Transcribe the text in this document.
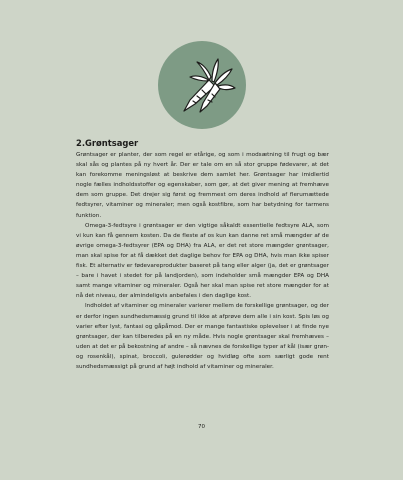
2.Grøntsager

Grøntsager er planter, der som regel er etårige, og som i modsætning til frugt og bær skal sås og plantes på ny hvert år. Der er tale om en så stor gruppe fødevarer, at det kan forekomme meningsløst at beskrive dem samlet her. Grøntsager har imidlertid nogle fælles indholdsstoffer og egenskaber, som gør, at det giver mening at fremhæve dem som gruppe. Det drejer sig først og fremmest om deres indhold af flerumættede fedtsyrer, vitaminer og mineraler; men også kostfibre, som har betydning for tarmens funktion.

Omega-3-fedtsyre i grøntsager er den vigtige såkaldt essentielle fedtsyre ALA, som vi kun kan få gennem kosten. Da de fleste af os kun kan danne ret små mængder af de øvrige omega-3-fedtsyrer (EPA og DHA) fra ALA, er det ret store mængder grøntsager, man skal spise for at få dækket det daglige behov for EPA og DHA, hvis man ikke spiser fisk. Et alternativ er fødevareprodukter baseret på tang eller alger (ja, det er grøntsager – bare i havet i stedet for på landjorden), som indeholder små mængder EPA og DHA samt mange vitaminer og mineraler. Også her skal man spise ret store mængder for at nå det niveau, der almindeligvis anbefales i den daglige kost.

Indholdet af vitaminer og mineraler varierer mellem de forskellige grøntsager, og der er derfor ingen sundhedsmæssig grund til ikke at afprøve dem alle i sin kost. Spis løs og varier efter lyst, fantasi og gåpåmod. Der er mange fantastiske oplevelser i at finde nye grøntsager, der kan tilberedes på en ny måde. Hvis nogle grøntsager skal fremhæves – uden at det er på bekostning af andre – så nævnes de forskellige typer af kål (især grøn- og rosenkål), spinat, broccoli, gulerødder og hvidløg ofte som særligt gode rent sundhedsmæssigt på grund af højt indhold af vitaminer og mineraler.

70
